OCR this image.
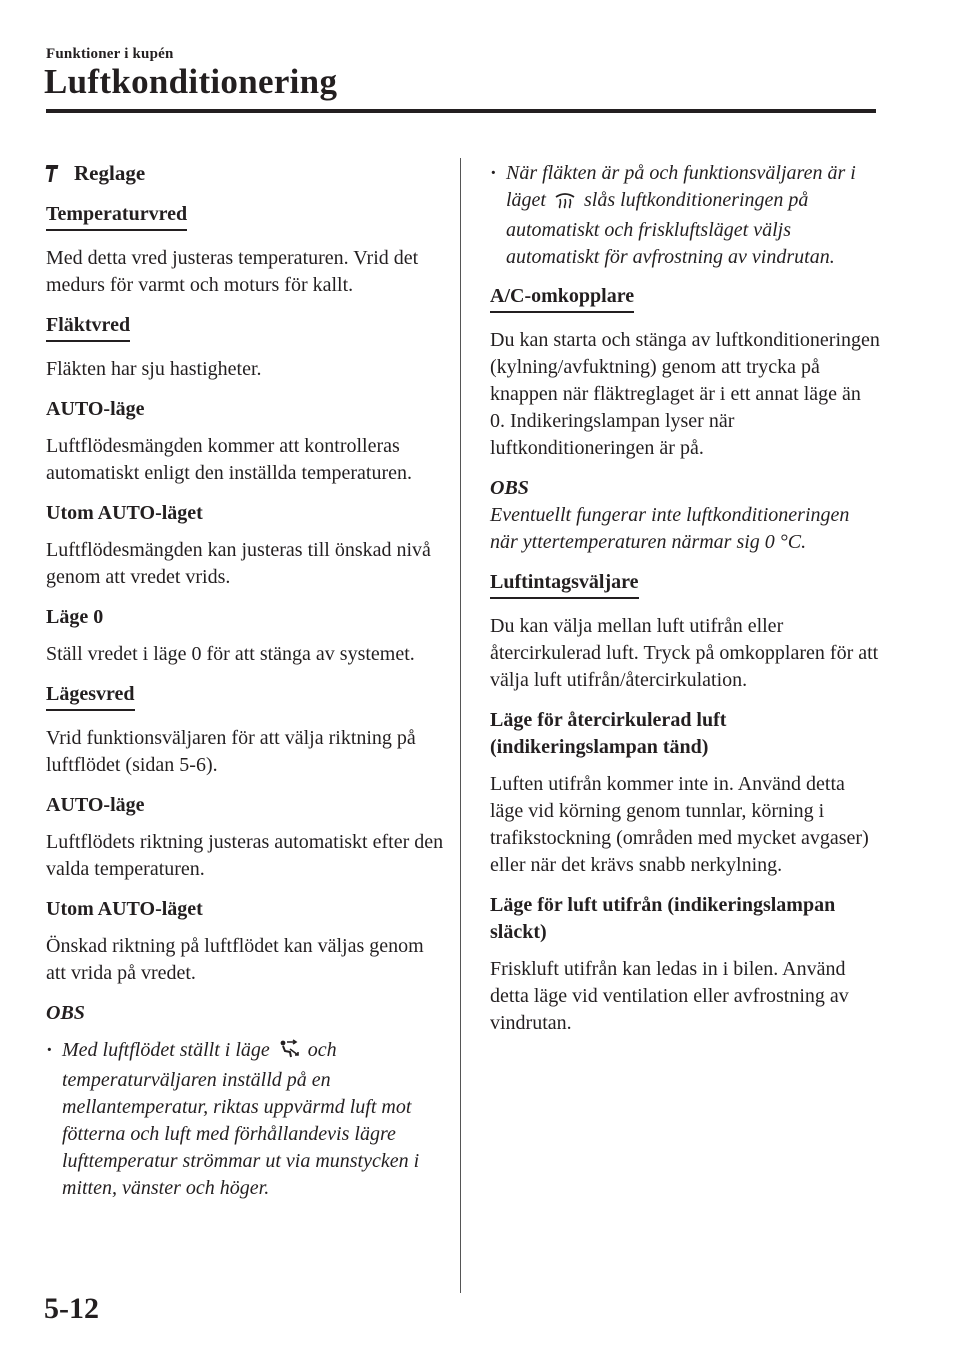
Funktioner i kupén
Luftkonditionering
Reglage
Temperaturvred

Med detta vred justeras temperaturen. Vrid det medurs för varmt och moturs för kallt.

Fläktvred

Fläkten har sju hastigheter.

AUTO-läge

Luftflödesmängden kommer att kontrolleras automatiskt enligt den inställda temperaturen.

Utom AUTO-läget

Luftflödesmängden kan justeras till önskad nivå genom att vredet vrids.

Läge 0

Ställ vredet i läge 0 för att stänga av systemet.

Lägesvred

Vrid funktionsväljaren för att välja riktning på luftflödet (sidan 5-6).

AUTO-läge

Luftflödets riktning justeras automatiskt efter den valda temperaturen.

Utom AUTO-läget

Önskad riktning på luftflödet kan väljas genom att vrida på vredet.

OBS
· Med luftflödet ställt i läge och temperaturväljaren inställd på en mellantemperatur, riktas uppvärmd luft mot fötterna och luft med förhållandevis lägre lufttemperatur strömmar ut via munstycken i mitten, vänster och höger.
· När fläkten är på och funktionsväljaren är i läget slås luftkonditioneringen på automatiskt och friskluftsläget väljs automatiskt för avfrostning av vindrutan.
A/C-omkopplare

Du kan starta och stänga av luftkonditioneringen (kylning/avfuktning) genom att trycka på knappen när fläktreglaget är i ett annat läge än 0. Indikeringslampan lyser när luftkonditioneringen är på.

OBS

Eventuellt fungerar inte luftkonditioneringen när yttertemperaturen närmar sig 0 °C.

Luftintagsväljare

Du kan välja mellan luft utifrån eller återcirkulerad luft. Tryck på omkopplaren för att välja luft utifrån/återcirkulation.

Läge för återcirkulerad luft (indikeringslampan tänd)

Luften utifrån kommer inte in. Använd detta läge vid körning genom tunnlar, körning i trafikstockning (områden med mycket avgaser) eller när det krävs snabb nerkylning.

Läge för luft utifrån (indikeringslampan släckt)

Friskluft utifrån kan ledas in i bilen. Använd detta läge vid ventilation eller avfrostning av vindrutan.

5-12
